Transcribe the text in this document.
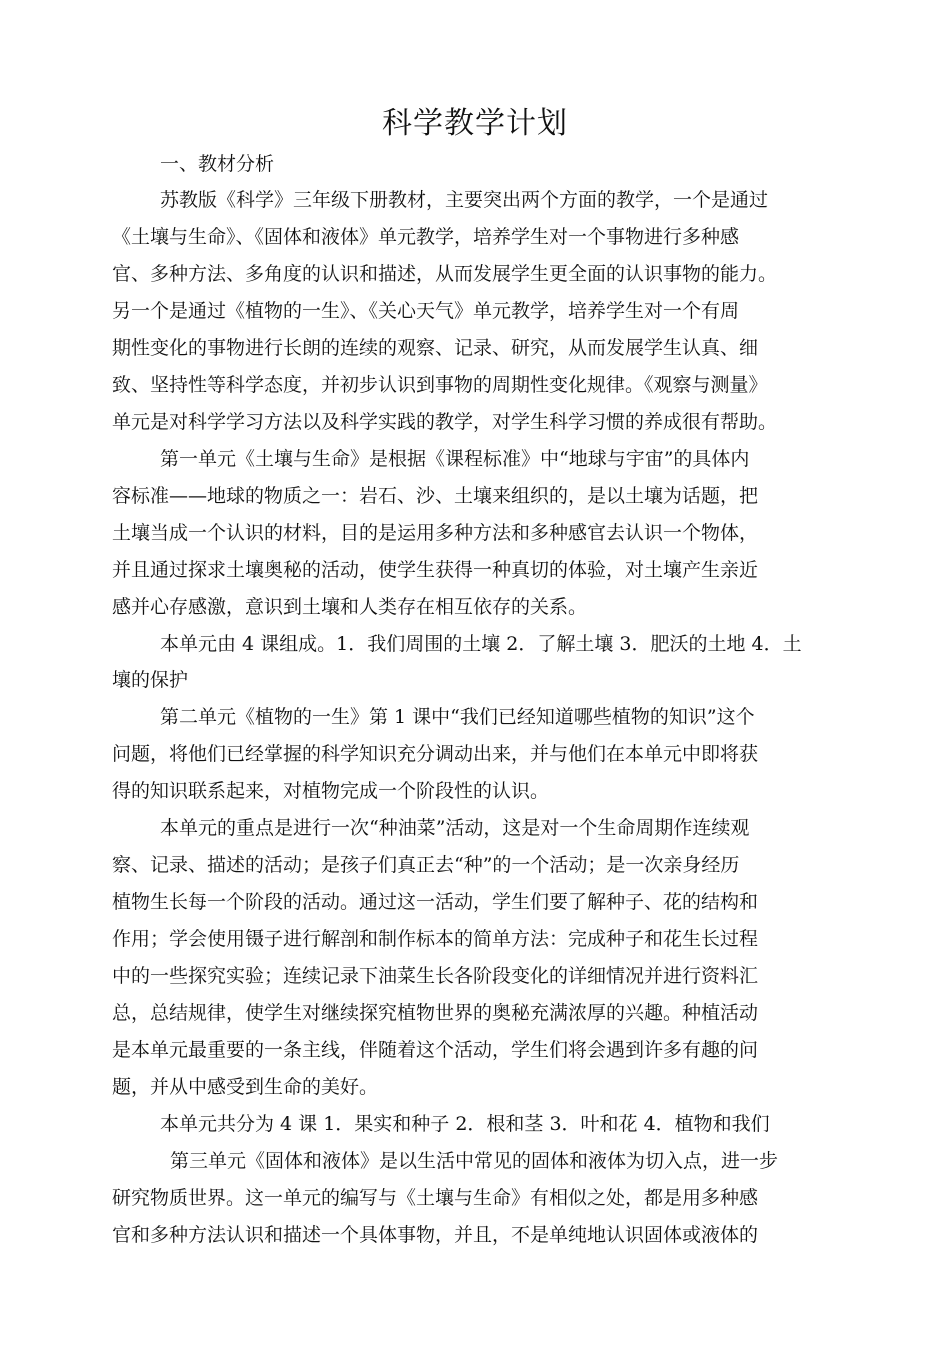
科学教学计划
一、教材分析
苏教版《科学》三年级下册教材，主要突出两个方面的教学，一个是通过
《土壤与生命》、《固体和液体》单元教学，培养学生对一个事物进行多种感
官、多种方法、多角度的认识和描述，从而发展学生更全面的认识事物的能力。
另一个是通过《植物的一生》、《关心天气》单元教学，培养学生对一个有周
期性变化的事物进行长朗的连续的观察、记录、研究，从而发展学生认真、细
致、坚持性等科学态度，并初步认识到事物的周期性变化规律。《观察与测量》
单元是对科学学习方法以及科学实践的教学，对学生科学习惯的养成很有帮助。
第一单元《土壤与生命》是根据《课程标准》中“地球与宇宙”的具体内
容标准——地球的物质之一：岩石、沙、土壤来组织的，是以土壤为话题，把
土壤当成一个认识的材料，目的是运用多种方法和多种感官去认识一个物体，
并且通过探求土壤奥秘的活动，使学生获得一种真切的体验，对土壤产生亲近
感并心存感激，意识到土壤和人类存在相互依存的关系。
本单元由 4 课组成。1．我们周围的土壤 2．了解土壤 3．肥沃的土地 4．土
壤的保护
第二单元《植物的一生》第 1 课中“我们已经知道哪些植物的知识”这个
问题，将他们已经掌握的科学知识充分调动出来，并与他们在本单元中即将获
得的知识联系起来，对植物完成一个阶段性的认识。
本单元的重点是进行一次“种油菜”活动，这是对一个生命周期作连续观
察、记录、描述的活动；是孩子们真正去“种”的一个活动；是一次亲身经历
植物生长每一个阶段的活动。通过这一活动，学生们要了解种子、花的结构和
作用；学会使用镊子进行解剖和制作标本的简单方法：完成种子和花生长过程
中的一些探究实验；连续记录下油菜生长各阶段变化的详细情况并进行资料汇
总，总结规律，使学生对继续探究植物世界的奥秘充满浓厚的兴趣。种植活动
是本单元最重要的一条主线，伴随着这个活动，学生们将会遇到许多有趣的问
题，并从中感受到生命的美好。
本单元共分为 4 课 1．果实和种子 2．根和茎 3．叶和花 4．植物和我们
第三单元《固体和液体》是以生活中常见的固体和液体为切入点，进一步
研究物质世界。这一单元的编写与《土壤与生命》有相似之处，都是用多种感
官和多种方法认识和描述一个具体事物，并且，不是单纯地认识固体或液体的
